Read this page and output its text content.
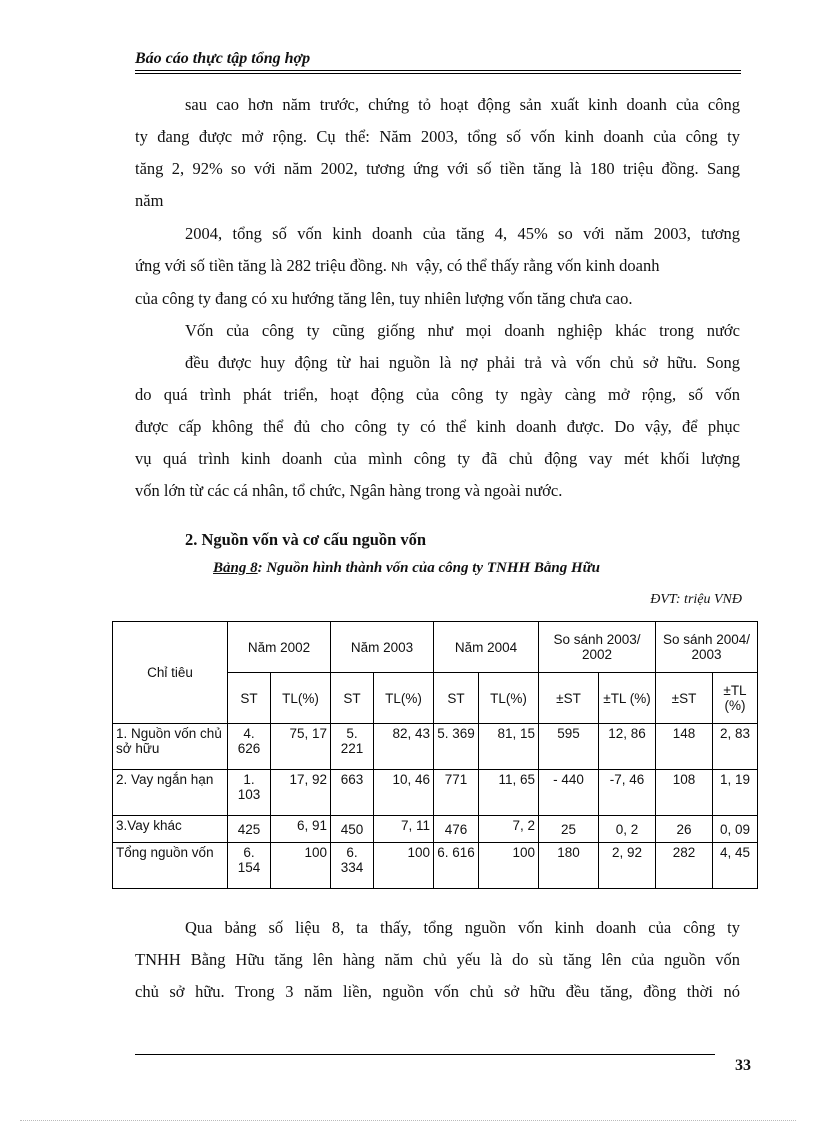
Báo cáo thực tập tổng hợp
sau cao hơn năm trước, chứng tỏ hoạt động sản xuất kinh doanh của công
ty đang được mở rộng. Cụ thể: Năm 2003, tổng số vốn kinh doanh của công ty
tăng 2, 92% so với năm 2002, tương ứng với số tiền tăng là 180 triệu đồng. Sang
năm
2004, tổng số vốn kinh doanh của tăng 4, 45% so với năm 2003, tương
ứng với số tiền tăng là 282 triệu đồng. Nh vậy, có thể thấy rằng vốn kinh doanh
của công ty đang có xu hướng tăng lên, tuy nhiên lượng vốn tăng chưa cao.
Vốn của công ty cũng giống như mọi doanh nghiệp khác trong nước
đều được huy động từ hai nguồn là nợ phải trả và vốn chủ sở hữu. Song
do quá trình phát triển, hoạt động của công ty ngày càng mở rộng, số vốn
được cấp không thể đủ cho công ty có thể kinh doanh được. Do vậy, để phục
vụ quá trình kinh doanh của mình công ty đã chủ động vay mét khối lượng
vốn lớn từ các cá nhân, tổ chức, Ngân hàng trong và ngoài nước.
2. Nguồn vốn và cơ cấu nguồn vốn
Bảng 8: Nguồn hình thành vốn của công ty TNHH Bằng Hữu
ĐVT: triệu VNĐ
Chỉ tiêu	Năm 2002		Năm 2003		Năm 2004		So sánh 2003/ 2002		So sánh 2004/ 2003	
	ST	TL(%)	ST	TL(%)	ST	TL(%)	±ST	±TL (%)	±ST	±TL (%)
1. Nguồn vốn chủ sở hữu	4. 626	75, 17	5. 221	82, 43	5. 369	81, 15	595	12, 86	148	2, 83
2. Vay ngắn hạn	1. 103	17, 92	663	10, 46	771	11, 65	- 440	-7, 46	108	1, 19
3.Vay khác	425	6, 91	450	7, 11	476	7, 2	25	0, 2	26	0, 09
Tổng nguồn vốn	6. 154	100	6. 334	100	6. 616	100	180	2, 92	282	4, 45
Qua bảng số liệu 8, ta thấy, tổng nguồn vốn kinh doanh của công ty
TNHH Bằng Hữu tăng lên hàng năm chủ yếu là do sù tăng lên của nguồn vốn
chủ sở hữu. Trong 3 năm liền, nguồn vốn chủ sở hữu đều tăng, đồng thời nó
33
